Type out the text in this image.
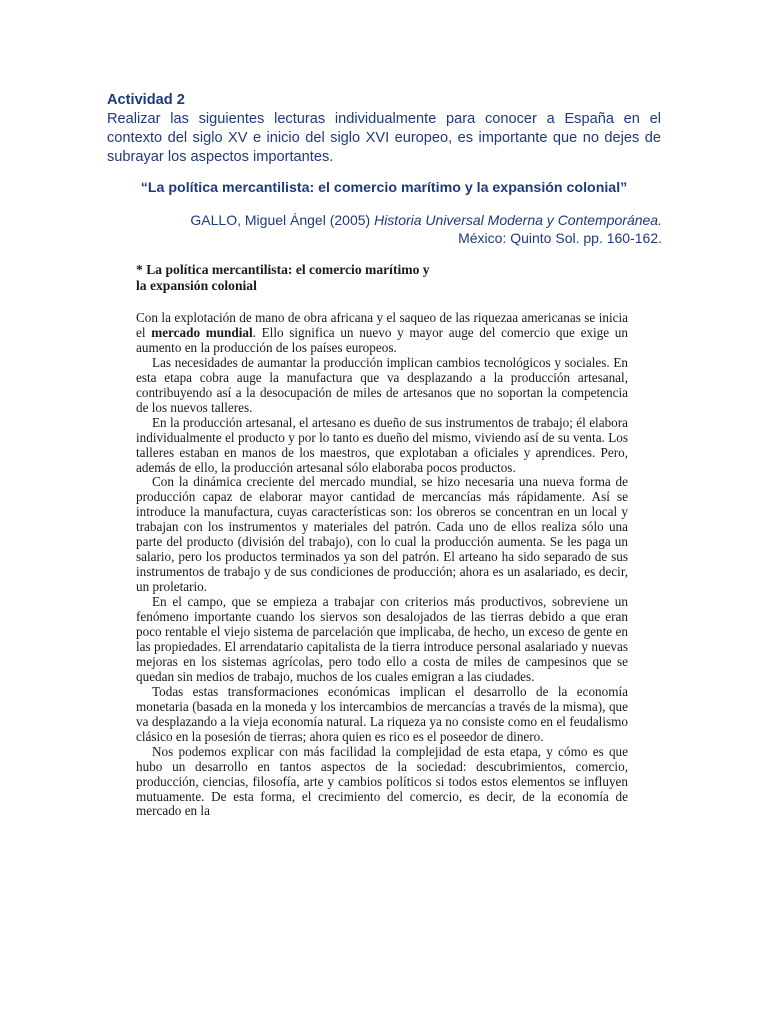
Actividad 2

Realizar las siguientes lecturas individualmente para conocer a España en el contexto del siglo XV e inicio del siglo XVI europeo, es importante que no dejes de subrayar los aspectos importantes.

“La política mercantilista: el comercio marítimo y la expansión colonial”

GALLO, Miguel Ángel (2005) Historia Universal Moderna y Contemporánea.

México: Quinto Sol. pp. 160-162.

* La política mercantilista: el comercio marítimo y
la expansión colonial

Con la explotación de mano de obra africana y el saqueo de las riquezaa americanas se inicia el mercado mundial. Ello significa un nuevo y mayor auge del comercio que exige un aumento en la producción de los países europeos.

Las necesidades de aumantar la producción implican cambios tecnológicos y sociales. En esta etapa cobra auge la manufactura que va desplazando a la producción artesanal, contribuyendo así a la desocupación de miles de artesanos que no soportan la competencia de los nuevos talleres.

En la producción artesanal, el artesano es dueño de sus instrumentos de trabajo; él elabora individualmente el producto y por lo tanto es dueño del mismo, viviendo así de su venta. Los talleres estaban en manos de los maestros, que explotaban a oficiales y aprendices. Pero, además de ello, la producción artesanal sólo elaboraba pocos productos.

Con la dinámica creciente del mercado mundial, se hizo necesaria una nueva forma de producción capaz de elaborar mayor cantidad de mercancías más rápidamente. Así se introduce la manufactura, cuyas características son: los obreros se concentran en un local y trabajan con los instrumentos y materiales del patrón. Cada uno de ellos realiza sólo una parte del producto (división del trabajo), con lo cual la producción aumenta. Se les paga un salario, pero los productos terminados ya son del patrón. El arteano ha sido separado de sus instrumentos de trabajo y de sus condiciones de producción; ahora es un asalariado, es decir, un proletario.

En el campo, que se empieza a trabajar con criterios más productivos, sobreviene un fenómeno importante cuando los siervos son desalojados de las tierras debido a que eran poco rentable el viejo sistema de parcelación que implicaba, de hecho, un exceso de gente en las propiedades. El arrendatario capitalista de la tierra introduce personal asalariado y nuevas mejoras en los sistemas agrícolas, pero todo ello a costa de miles de campesinos que se quedan sin medios de trabajo, muchos de los cuales emigran a las ciudades.

Todas estas transformaciones económicas implican el desarrollo de la economía monetaria (basada en la moneda y los intercambios de mercancías a través de la misma), que va desplazando a la vieja economía natural. La riqueza ya no consiste como en el feudalismo clásico en la posesión de tierras; ahora quien es rico es el poseedor de dinero.

Nos podemos explicar con más facilidad la complejidad de esta etapa, y cómo es que hubo un desarrollo en tantos aspectos de la sociedad: descubrimientos, comercio, producción, ciencias, filosofía, arte y cambios políticos si todos estos elementos se influyen mutuamente. De esta forma, el crecimiento del comercio, es decir, de la economía de mercado en la
